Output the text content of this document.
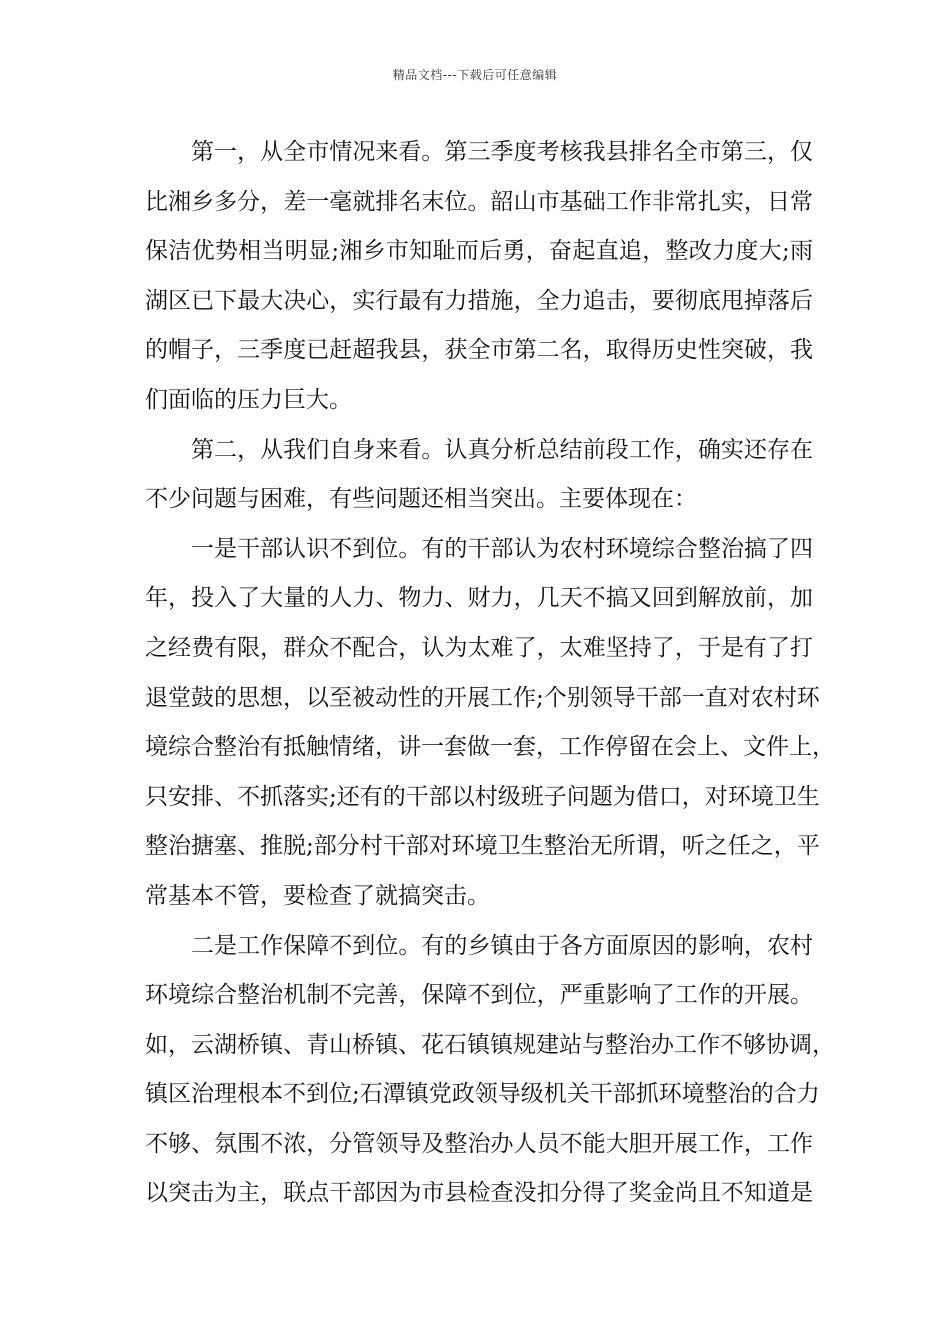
精品文档---下载后可任意编辑

第一，从全市情况来看。第三季度考核我县排名全市第三，仅
比湘乡多分，差一毫就排名末位。韶山市基础工作非常扎实，日常
保洁优势相当明显;湘乡市知耻而后勇，奋起直追，整改力度大;雨
湖区已下最大决心，实行最有力措施，全力追击，要彻底甩掉落后
的帽子，三季度已赶超我县，获全市第二名，取得历史性突破，我
们面临的压力巨大。

第二，从我们自身来看。认真分析总结前段工作，确实还存在
不少问题与困难，有些问题还相当突出。主要体现在：

一是干部认识不到位。有的干部认为农村环境综合整治搞了四
年，投入了大量的人力、物力、财力，几天不搞又回到解放前，加
之经费有限，群众不配合，认为太难了，太难坚持了，于是有了打
退堂鼓的思想，以至被动性的开展工作;个别领导干部一直对农村环
境综合整治有抵触情绪，讲一套做一套，工作停留在会上、文件上，
只安排、不抓落实;还有的干部以村级班子问题为借口，对环境卫生
整治搪塞、推脱;部分村干部对环境卫生整治无所谓，听之任之，平
常基本不管，要检查了就搞突击。

二是工作保障不到位。有的乡镇由于各方面原因的影响，农村
环境综合整治机制不完善，保障不到位，严重影响了工作的开展。
如，云湖桥镇、青山桥镇、花石镇镇规建站与整治办工作不够协调，
镇区治理根本不到位;石潭镇党政领导级机关干部抓环境整治的合力
不够、氛围不浓，分管领导及整治办人员不能大胆开展工作，工作
以突击为主，联点干部因为市县检查没扣分得了奖金尚且不知道是
